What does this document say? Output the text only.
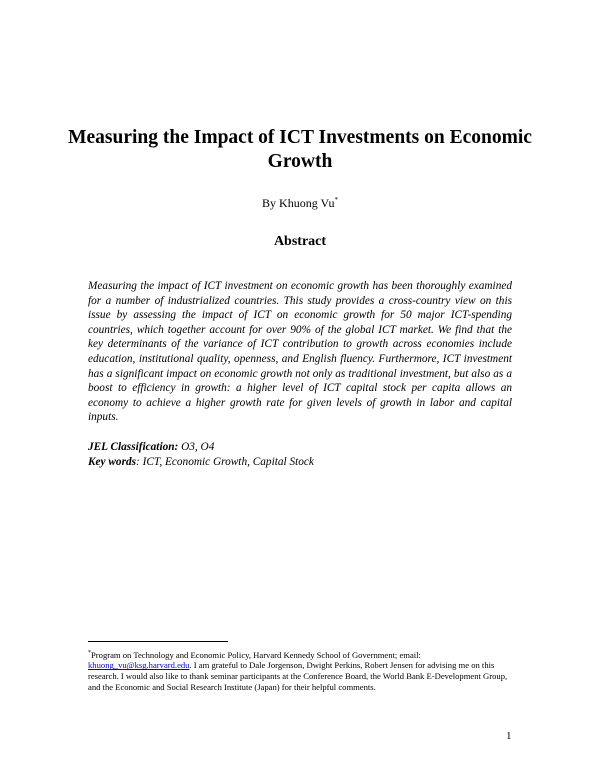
Measuring the Impact of ICT Investments on Economic Growth
By Khuong Vu*
Abstract
Measuring the impact of ICT investment on economic growth has been thoroughly examined for a number of industrialized countries. This study provides a cross-country view on this issue by assessing the impact of ICT on economic growth for 50 major ICT-spending countries, which together account for over 90% of the global ICT market. We find that the key determinants of the variance of ICT contribution to growth across economies include education, institutional quality, openness, and English fluency. Furthermore, ICT investment has a significant impact on economic growth not only as traditional investment, but also as a boost to efficiency in growth: a higher level of ICT capital stock per capita allows an economy to achieve a higher growth rate for given levels of growth in labor and capital inputs.
JEL Classification: O3, O4
Key words: ICT, Economic Growth, Capital Stock
*Program on Technology and Economic Policy, Harvard Kennedy School of Government; email: khuong_vu@ksg.harvard.edu. I am grateful to Dale Jorgenson, Dwight Perkins, Robert Jensen for advising me on this research. I would also like to thank seminar participants at the Conference Board, the World Bank E-Development Group, and the Economic and Social Research Institute (Japan) for their helpful comments.
1
